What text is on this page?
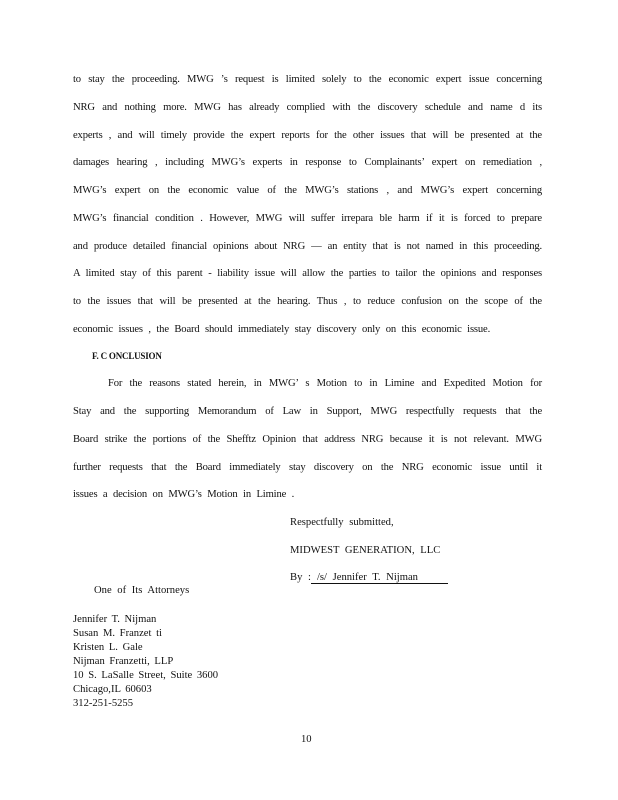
to stay the proceeding. MWG ’s request is limited solely to the economic expert issue concerning
NRG and nothing more. MWG has already complied with the discovery schedule and name d its
experts , and will timely provide the expert reports for the other issues that will be presented at the
damages hearing , including MWG’s experts in response to Complainants’ expert on remediation ,
MWG’s expert on the economic value of the MWG’s stations , and MWG’s expert concerning
MWG’s financial condition . However, MWG will suffer irrepara ble harm if it is forced to prepare
and produce detailed financial opinions about NRG — an entity that is not named in this proceeding.
A limited stay of this parent - liability issue will allow the parties to tailor the opinions and responses
to the issues that will be presented at the hearing. Thus , to reduce confusion on the scope of the
economic issues , the Board should immediately stay discovery only on this economic issue.
F. C ONCLUSION
For the reasons stated herein, in MWG’ s Motion to in Limine and Expedited Motion for
Stay and the supporting Memorandum of Law in Support, MWG respectfully requests that the
Board strike the portions of the Shefftz Opinion that address NRG because it is not relevant. MWG
further requests that the Board immediately stay discovery on the NRG economic issue until it
issues a decision on MWG’s Motion in Limine .
Respectfully submitted,
MIDWEST GENERATION, LLC
By : /s/ Jennifer T. Nijman
One of Its Attorneys
Jennifer T. Nijman
Susan M. Franzet ti
Kristen L. Gale
Nijman Franzetti, LLP
10 S. LaSalle Street, Suite 3600
Chicago,IL 60603
312-251-5255
10
